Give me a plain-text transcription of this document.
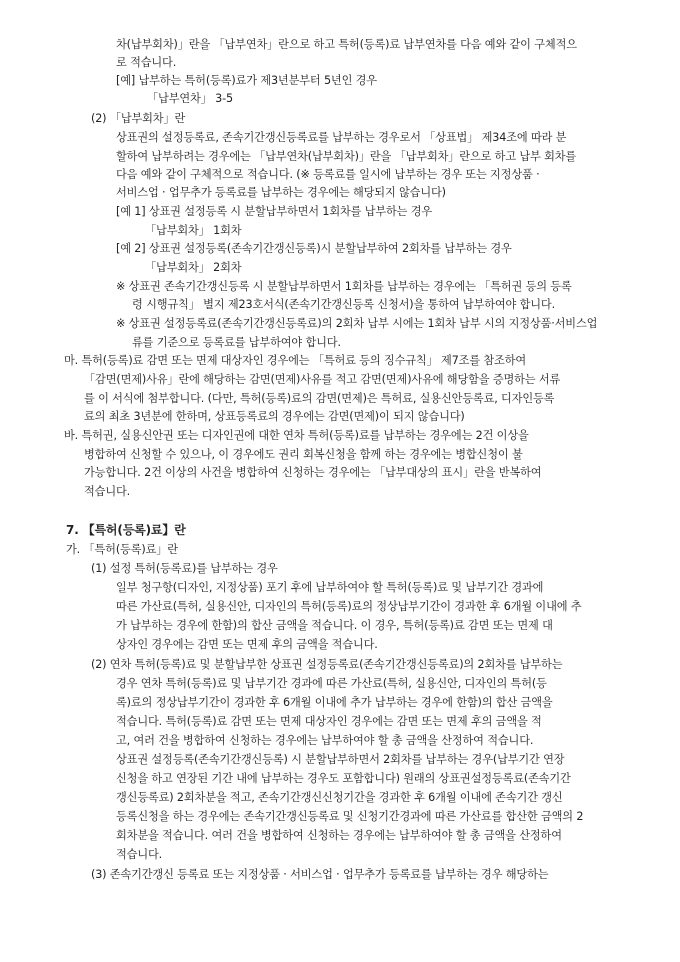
차(납부회차)」란을 「납부연차」란으로 하고 특허(등록)료 납부연차를 다음 예와 같이 구체적으
로 적습니다.
[예] 납부하는 특허(등록)료가 제3년분부터 5년인 경우
「납부연차」 3-5
(2) 「납부회차」란
상표권의 설정등록료, 존속기간갱신등록료를 납부하는 경우로서 「상표법」 제34조에 따라 분
할하여 납부하려는 경우에는 「납부연차(납부회차)」란을 「납부회차」란으로 하고 납부 회차를
다음 예와 같이 구체적으로 적습니다. (※ 등록료를 일시에 납부하는 경우 또는 지정상품 ·
서비스업 · 업무추가 등록료를 납부하는 경우에는 해당되지 않습니다)
[예 1] 상표권 설정등록 시 분할납부하면서 1회차를 납부하는 경우
「납부회차」 1회차
[예 2] 상표권 설정등록(존속기간갱신등록)시 분할납부하여 2회차를 납부하는 경우
「납부회차」 2회차
※ 상표권 존속기간갱신등록 시 분할납부하면서 1회차를 납부하는 경우에는 「특허권 등의 등록
령 시행규칙」 별지 제23호서식(존속기간갱신등록 신청서)을 통하여 납부하여야 합니다.
※ 상표권 설정등록료(존속기간갱신등록료)의 2회차 납부 시에는 1회차 납부 시의 지정상품·서비스업
류를 기준으로 등록료를 납부하여야 합니다.
마. 특허(등록)료 감면 또는 면제 대상자인 경우에는 「특허료 등의 징수규칙」 제7조를 참조하여
「감면(면제)사유」란에 해당하는 감면(면제)사유를 적고 감면(면제)사유에 해당함을 증명하는 서류
를 이 서식에 첨부합니다. (다만, 특허(등록)료의 감면(면제)은 특허료, 실용신안등록료, 디자인등록
료의 최초 3년분에 한하며, 상표등록료의 경우에는 감면(면제)이 되지 않습니다)
바. 특허권, 실용신안권 또는 디자인권에 대한 연차 특허(등록)료를 납부하는 경우에는 2건 이상을
병합하여 신청할 수 있으나, 이 경우에도 권리 회복신청을 함께 하는 경우에는 병합신청이 불
가능합니다. 2건 이상의 사건을 병합하여 신청하는 경우에는 「납부대상의 표시」란을 반복하여
적습니다.
7. 【특허(등록)료】란
가. 「특허(등록)료」란
(1) 설정 특허(등록료)를 납부하는 경우
일부 청구항(디자인, 지정상품) 포기 후에 납부하여야 할 특허(등록)료 및 납부기간 경과에
따른 가산료(특허, 실용신안, 디자인의 특허(등록)료의 정상납부기간이 경과한 후 6개월 이내에 추
가 납부하는 경우에 한함)의 합산 금액을 적습니다. 이 경우, 특허(등록)료 감면 또는 면제 대
상자인 경우에는 감면 또는 면제 후의 금액을 적습니다.
(2) 연차 특허(등록)료 및 분할납부한 상표권 설정등록료(존속기간갱신등록료)의 2회차를 납부하는
경우 연차 특허(등록)료 및 납부기간 경과에 따른 가산료(특허, 실용신안, 디자인의 특허(등
록)료의 정상납부기간이 경과한 후 6개월 이내에 추가 납부하는 경우에 한함)의 합산 금액을
적습니다. 특허(등록)료 감면 또는 면제 대상자인 경우에는 감면 또는 면제 후의 금액을 적
고, 여러 건을 병합하여 신청하는 경우에는 납부하여야 할 총 금액을 산정하여 적습니다.
상표권 설정등록(존속기간갱신등록) 시 분할납부하면서 2회차를 납부하는 경우(납부기간 연장
신청을 하고 연장된 기간 내에 납부하는 경우도 포함합니다) 원래의 상표권설정등록료(존속기간
갱신등록료) 2회차분을 적고, 존속기간갱신신청기간을 경과한 후 6개월 이내에 존속기간 갱신
등록신청을 하는 경우에는 존속기간갱신등록료 및 신청기간경과에 따른 가산료를 합산한 금액의 2
회차분을 적습니다. 여러 건을 병합하여 신청하는 경우에는 납부하여야 할 총 금액을 산정하여
적습니다.
(3) 존속기간갱신 등록료 또는 지정상품 · 서비스업 · 업무추가 등록료를 납부하는 경우 해당하는
